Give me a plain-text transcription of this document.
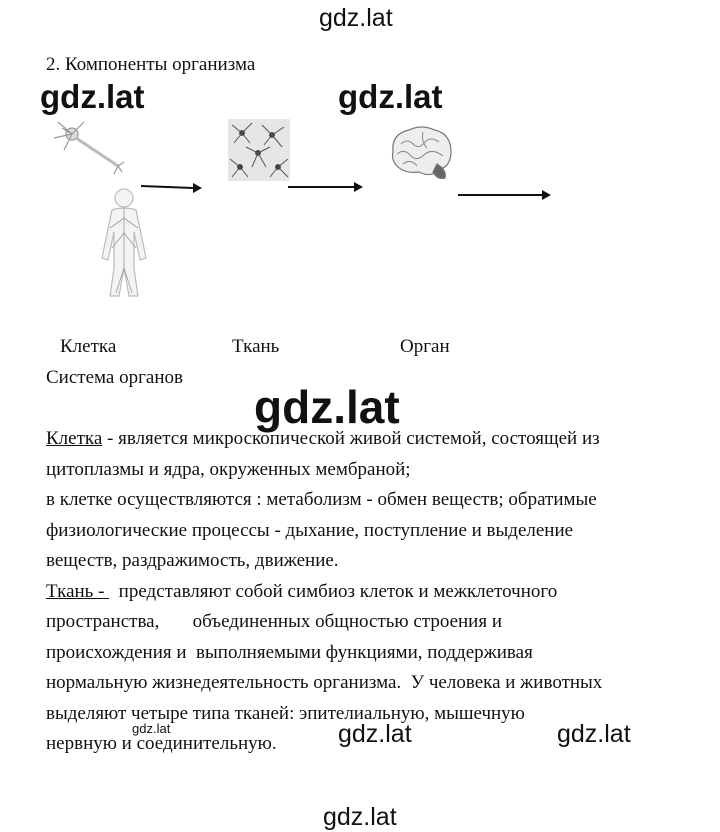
gdz.lat
gdz.lat	gdz.lat
gdz.lat
gdz.lat	gdz.lat	gdz.lat
gdz.lat
2. Компоненты организма
Клетка	Ткань	Орган
Система органов

Клетка - является микроскопической живой системой, состоящей из

цитоплазмы и ядра, окруженных мембраной;

в клетке осуществляются : метаболизм - обмен веществ; обратимые

физиологические процессы - дыхание, поступление и выделение

веществ, раздражимость, движение.

Ткань -   представляют собой симбиоз клеток и межклеточного

пространства,       объединенных общностью строения и

происхождения и  выполняемыми функциями, поддерживая

нормальную жизнедеятельность организма.  У человека и животных

выделяют четыре типа тканей: эпителиальную, мышечную

нервную и соединительную.
